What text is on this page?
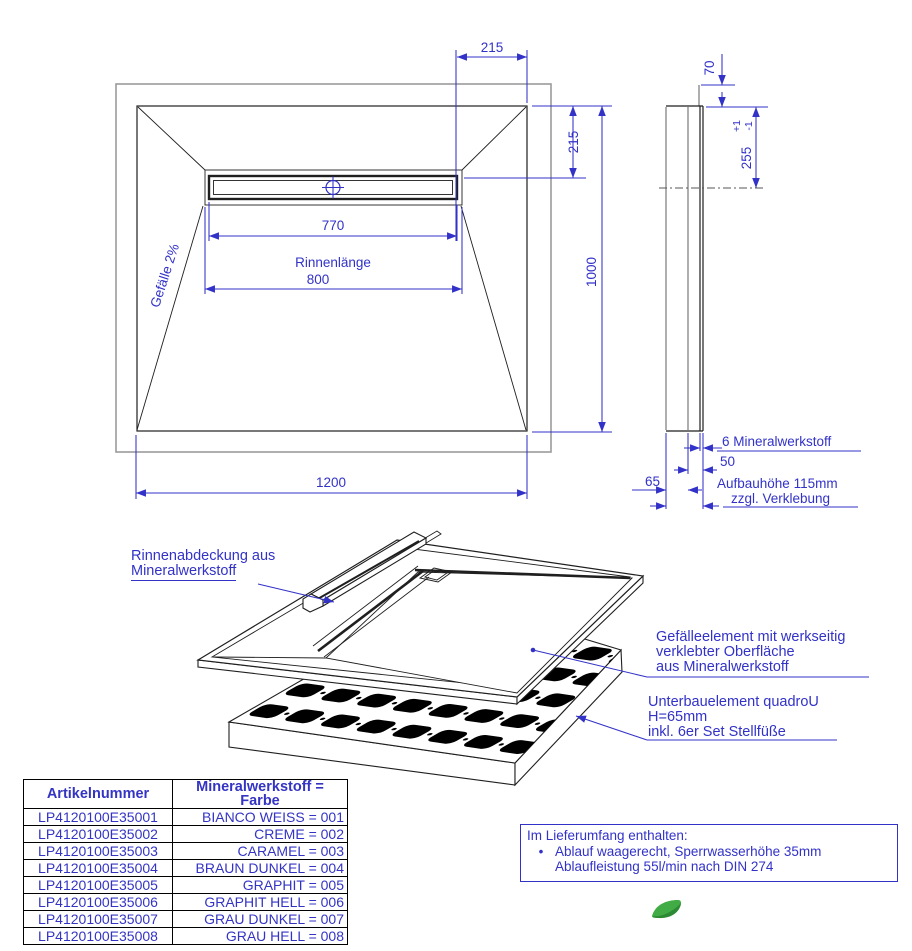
215
215
1000
770
Rinnenlänge
800
1200
Gefälle 2%
70
255
-1
+1
6 Mineralwerkstoff
50
65	Aufbauhöhe 115mm
zzgl. Verklebung
Rinnenabdeckung aus
Mineralwerkstoff
Gefälleelement mit werkseitig
verklebter Oberfläche
aus Mineralwerkstoff
Unterbauelement quadroU
H=65mm
inkl. 6er Set Stellfüße
Artikelnummer	Mineralwerkstoff =
Farbe
LP4120100E35001	BIANCO WEISS = 001
LP4120100E35002	CREME = 002
LP4120100E35003	CARAMEL = 003
LP4120100E35004	BRAUN DUNKEL = 004
LP4120100E35005	GRAPHIT = 005
LP4120100E35006	GRAPHIT HELL = 006
LP4120100E35007	GRAU DUNKEL = 007
LP4120100E35008	GRAU HELL = 008
Im Lieferumfang enthalten:
• Ablauf waagerecht, Sperrwasserhöhe 35mm
Ablaufleistung 55l/min nach DIN 274
